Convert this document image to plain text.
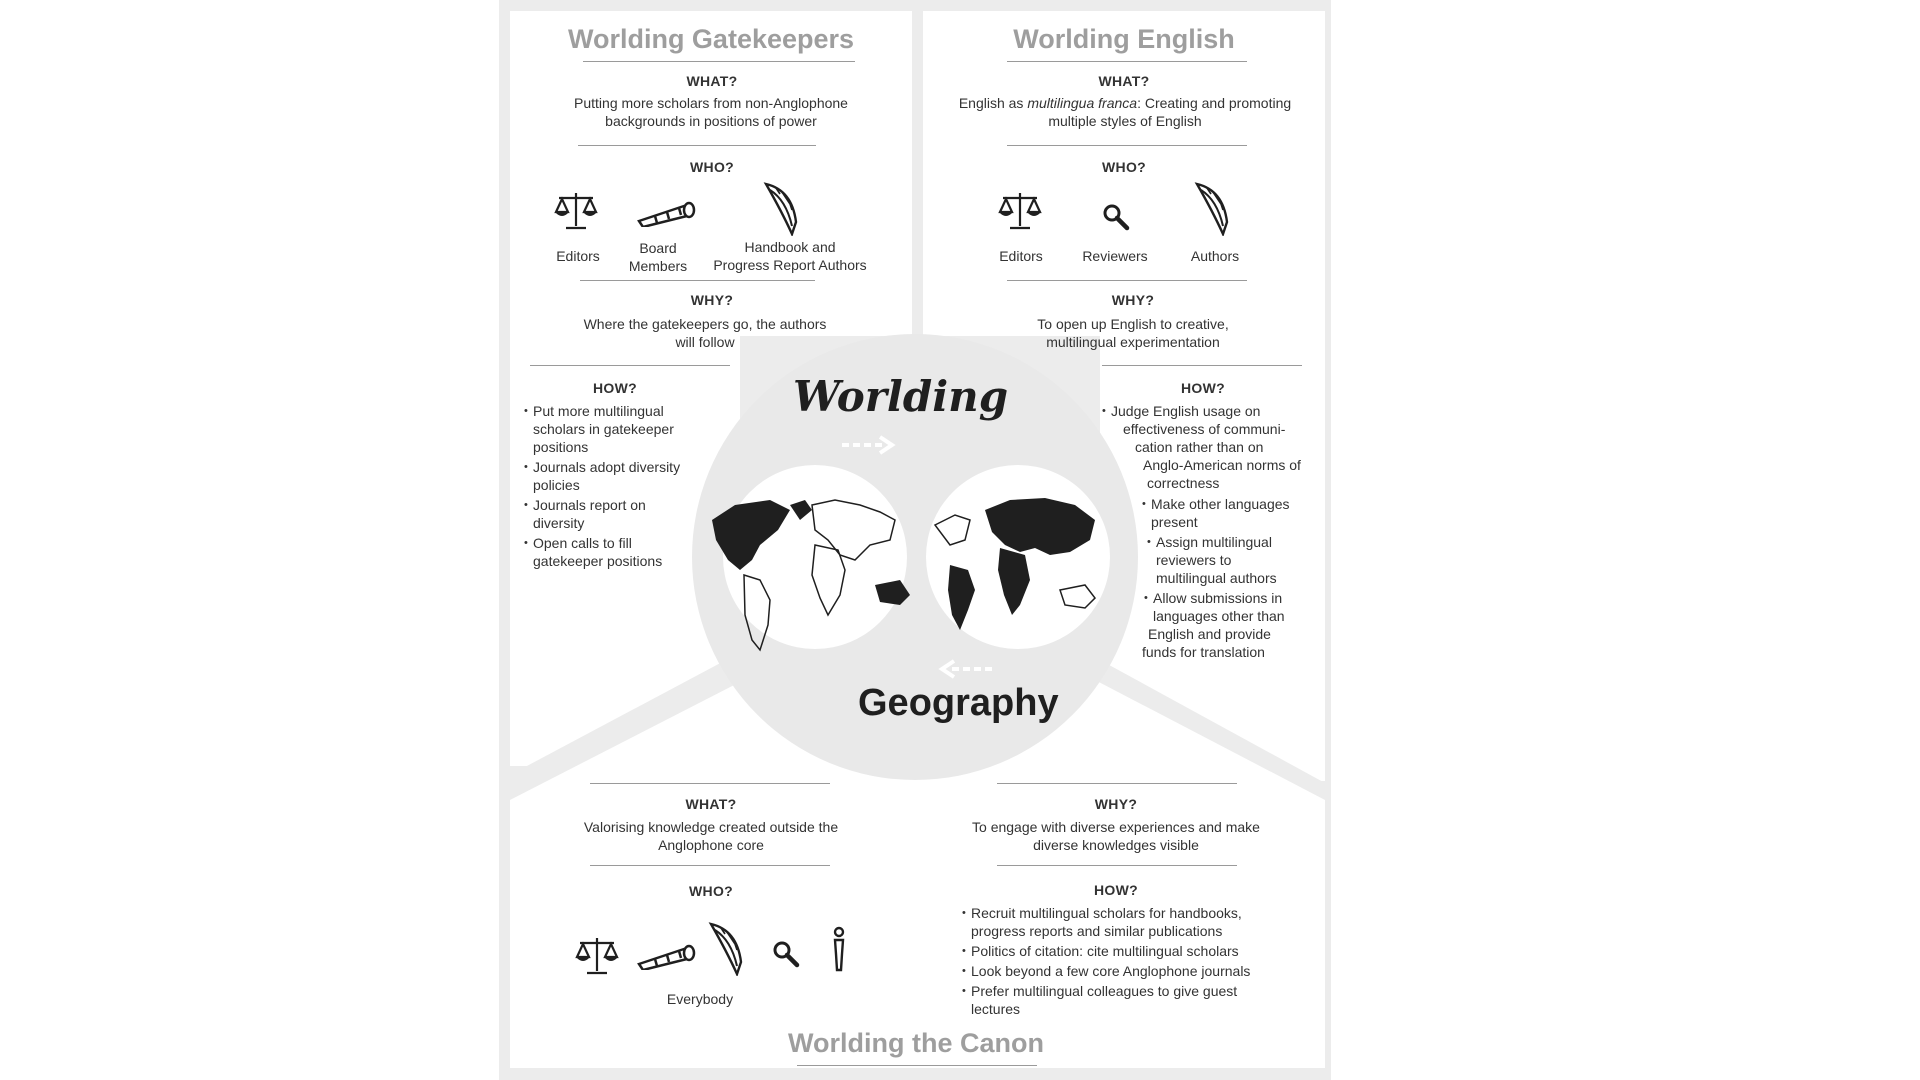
Worlding Gatekeepers
WHAT?
Putting more scholars from non-Anglophone
backgrounds in positions of power
WHO?
Editors	Board
Members
Handbook and
Progress Report Authors
WHY?
Where the gatekeepers go, the authors
will follow
HOW?
• Put more multilingual
scholars in gatekeeper
positions
• Journals adopt diversity
policies
• Journals report on
diversity
• Open calls to fill
gatekeeper positions
Worlding English
WHAT?
English as multilingua franca: Creating and promoting
multiple styles of English
WHO?
Editors	Reviewers	Authors
WHY?
To open up English to creative,
multilingual experimentation
HOW?
• Judge English usage on
effectiveness of communi-
cation rather than on
Anglo-American norms of
correctness
• Make other languages
present
• Assign multilingual
reviewers to
multilingual authors
• Allow submissions in
languages other than
English and provide
funds for translation
Worlding
Geography
WHAT?
Valorising knowledge created outside the
Anglophone core
WHO?
Everybody
WHY?
To engage with diverse experiences and make
diverse knowledges visible
HOW?
• Recruit multilingual scholars for handbooks,
progress reports and similar publications
• Politics of citation: cite multilingual scholars
• Look beyond a few core Anglophone journals
• Prefer multilingual colleagues to give guest
lectures
Worlding the Canon
